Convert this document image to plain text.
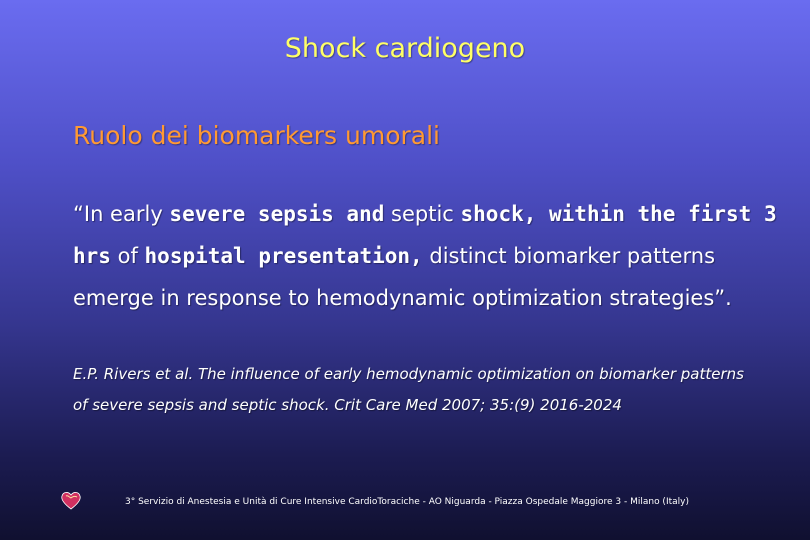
Shock cardiogeno
Ruolo dei biomarkers umorali
“In early severe sepsis and septic shock, within the first 3
hrs of hospital presentation, distinct biomarker patterns
emerge in response to hemodynamic optimization strategies”.
E.P. Rivers et al. The influence of early hemodynamic optimization on biomarker patterns
of severe sepsis and septic shock. Crit Care Med 2007; 35:(9) 2016-2024
3° Servizio di Anestesia e Unità di Cure Intensive CardioToraciche - AO Niguarda - Piazza Ospedale Maggiore 3 - Milano (Italy)
